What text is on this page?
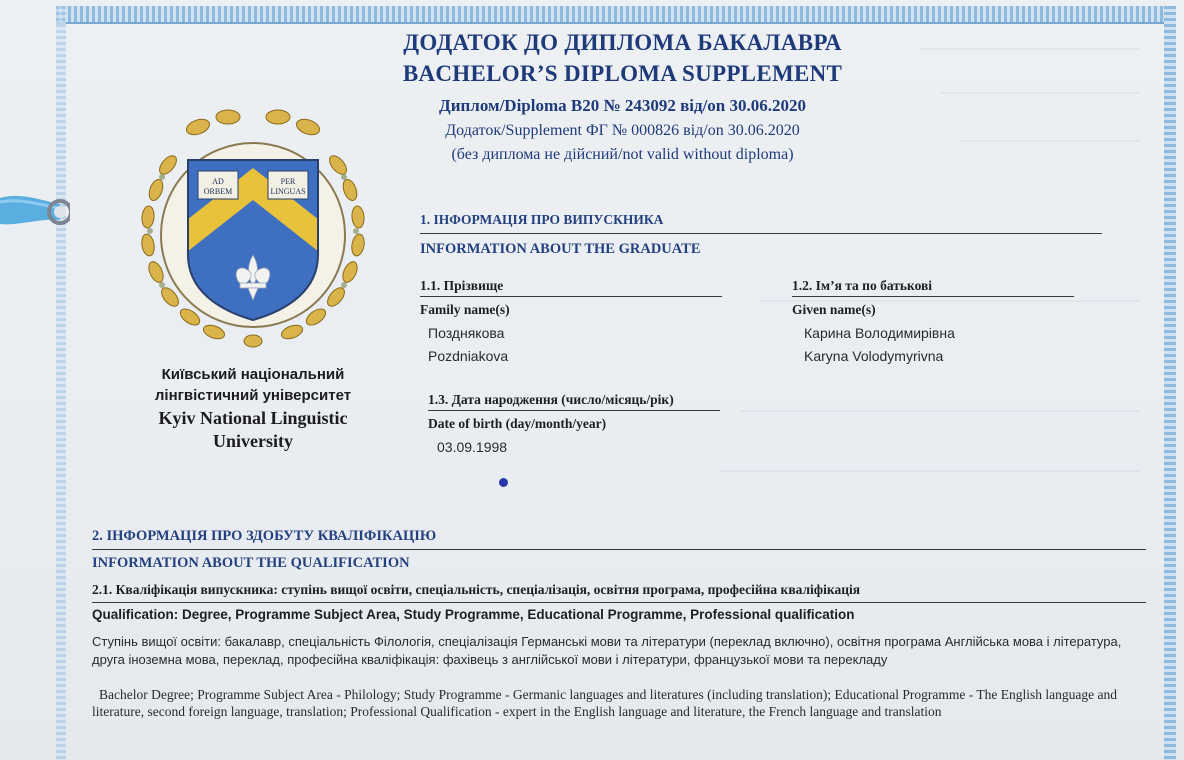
ДОДАТОК ДО ДИПЛОМА БАКАЛАВРА
BACHELOR’S DIPLOMA SUPPLEMENT
Диплом/Diploma В20 № 243092 від/on 30.06.2020
Додаток/Supplement ФГ № 000826 від/on 30.06.2020
(без диплома не дійсний/not valid without diploma)
AD
ORBEM
PER
LINGUAS
Київський національний
лінгвістичний університет
Kyiv National Linguistic
University
1. ІНФОРМАЦІЯ ПРО ВИПУСКНИКА
INFORMATION ABOUT THE GRADUATE
1.1. Прізвище
Family name(s)
Позднякова
Pozdniakova
1.2. Ім’я та по батькові
Given name(s)
Карина Володимирівна
Karyna Volodymyrivna
1.3. Дата народження (число/місяць/рік)
Date of birth (day/month/year)
03.09.1998
2. ІНФОРМАЦІЯ ПРО ЗДОБУТУ КВАЛІФІКАЦІЮ
INFORMATION ABOUT THE QUALIFICATION
2.1. Кваліфікація випускника: ступінь вищої освіти, спеціальність, спеціалізація, освітня програма, професійна кваліфікація
Qualification: Degree, Programme Subject Area, Study Programme, Educational Programme, Professional qualification
Ступінь вищої освіти: бакалавр, спеціальність Філологія, спеціалізація Германські мови та літератури (переклад включно), освітня програма Англійська мова і література, друга іноземна мова, переклад, професійна кваліфікація: фахівець з англійської мови і літератури, французької мови та перекладу
Bachelor Degree; Programme Subject Area - Philology; Study Programme - Germanic languages and literatures (including translation); Educational Programme - The English language and literature, second foreign language, translation; Professional Qualification - expert in the English language and literature, the French language and translation
